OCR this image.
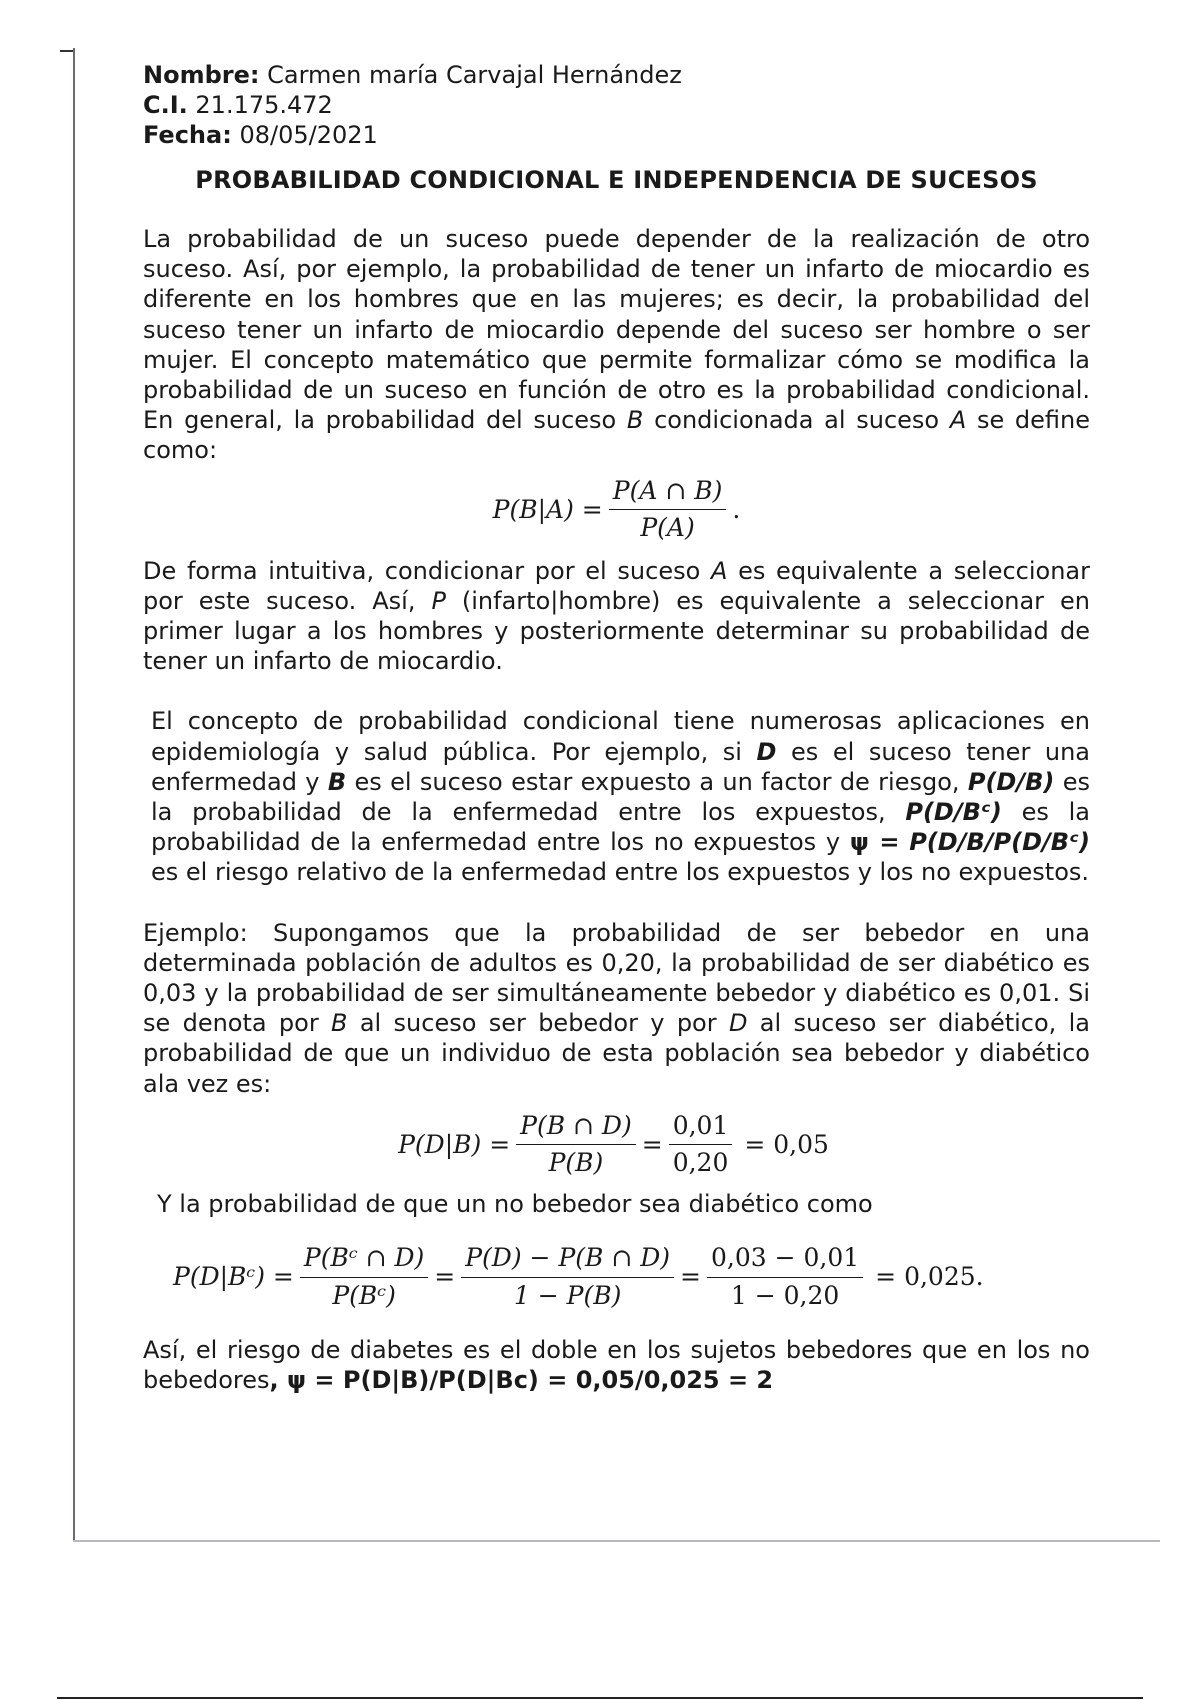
Nombre: Carmen maría Carvajal Hernández

C.I. 21.175.472

Fecha: 08/05/2021

PROBABILIDAD CONDICIONAL E INDEPENDENCIA DE SUCESOS

La probabilidad de un suceso puede depender de la realización de otro suceso. Así, por ejemplo, la probabilidad de tener un infarto de miocardio es diferente en los hombres que en las mujeres; es decir, la probabilidad del suceso tener un infarto de miocardio depende del suceso ser hombre o ser mujer. El concepto matemático que permite formalizar cómo se modifica la probabilidad de un suceso en función de otro es la probabilidad condicional. En general, la probabilidad del suceso B condicionada al suceso A se define como:

$P(B|A) = \frac{P(A \cap B)}{P(A)}$ .

De forma intuitiva, condicionar por el suceso A es equivalente a seleccionar por este suceso. Así, P (infarto|hombre) es equivalente a seleccionar en primer lugar a los hombres y posteriormente determinar su probabilidad de tener un infarto de miocardio.

El concepto de probabilidad condicional tiene numerosas aplicaciones en epidemiología y salud pública. Por ejemplo, si D es el suceso tener una enfermedad y B es el suceso estar expuesto a un factor de riesgo, P(D/B) es la probabilidad de la enfermedad entre los expuestos, P(D/Bᶜ) es la probabilidad de la enfermedad entre los no expuestos y ψ = P(D/B/P(D/Bᶜ) es el riesgo relativo de la enfermedad entre los expuestos y los no expuestos.

Ejemplo: Supongamos que la probabilidad de ser bebedor en una determinada población de adultos es 0,20, la probabilidad de ser diabético es 0,03 y la probabilidad de ser simultáneamente bebedor y diabético es 0,01. Si se denota por B al suceso ser bebedor y por D al suceso ser diabético, la probabilidad de que un individuo de esta población sea bebedor y diabético ala vez es:

$P(D|B) = \frac{P(B \cap D)}{P(B)} = \frac{0,01}{0,20} = 0,05$

Y la probabilidad de que un no bebedor sea diabético como

P(D|Bᶜ) = $\frac{\text{P(Bᶜ ∩ D)}}{\text{P(Bᶜ)}} = \frac{P(D) - P(B \cap D)}{1 - P(B)} = \frac{0,03 - 0,01}{1 - 0,20} = 0,025$.

Así, el riesgo de diabetes es el doble en los sujetos bebedores que en los no bebedores, ψ = P(D|B)/P(D|Bc) = 0,05/0,025 = 2
